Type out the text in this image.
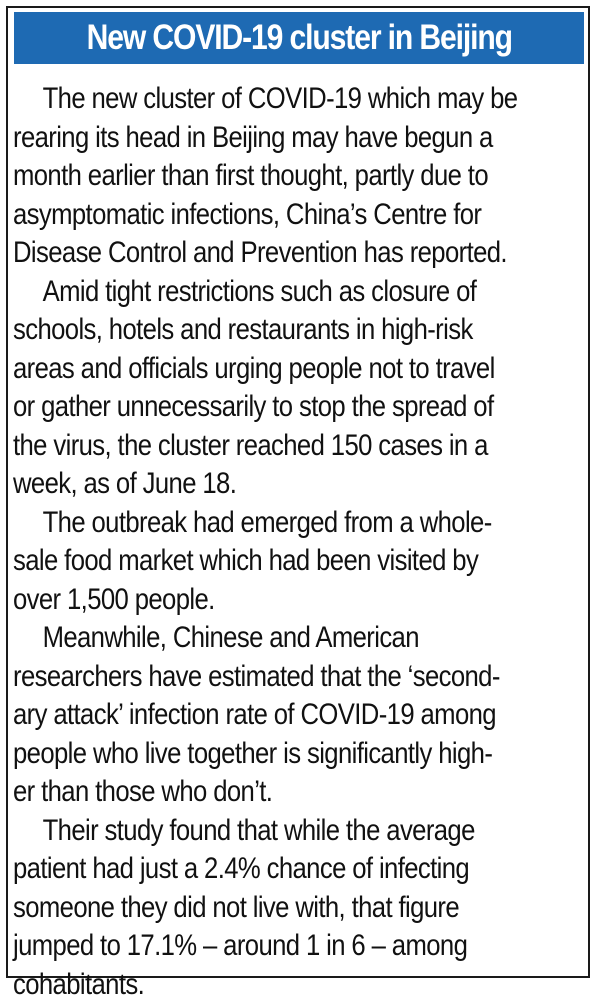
New COVID-19 cluster in Beijing

The new cluster of COVID-19 which may be
rearing its head in Beijing may have begun a
month earlier than first thought, partly due to
asymptomatic infections, China’s Centre for
Disease Control and Prevention has reported.

Amid tight restrictions such as closure of
schools, hotels and restaurants in high-risk
areas and officials urging people not to travel
or gather unnecessarily to stop the spread of
the virus, the cluster reached 150 cases in a
week, as of June 18.

The outbreak had emerged from a whole-
sale food market which had been visited by
over 1,500 people.

Meanwhile, Chinese and American
researchers have estimated that the ‘second-
ary attack’ infection rate of COVID-19 among
people who live together is significantly high-
er than those who don’t.

Their study found that while the average
patient had just a 2.4% chance of infecting
someone they did not live with, that figure
jumped to 17.1% – around 1 in 6 – among
cohabitants.
